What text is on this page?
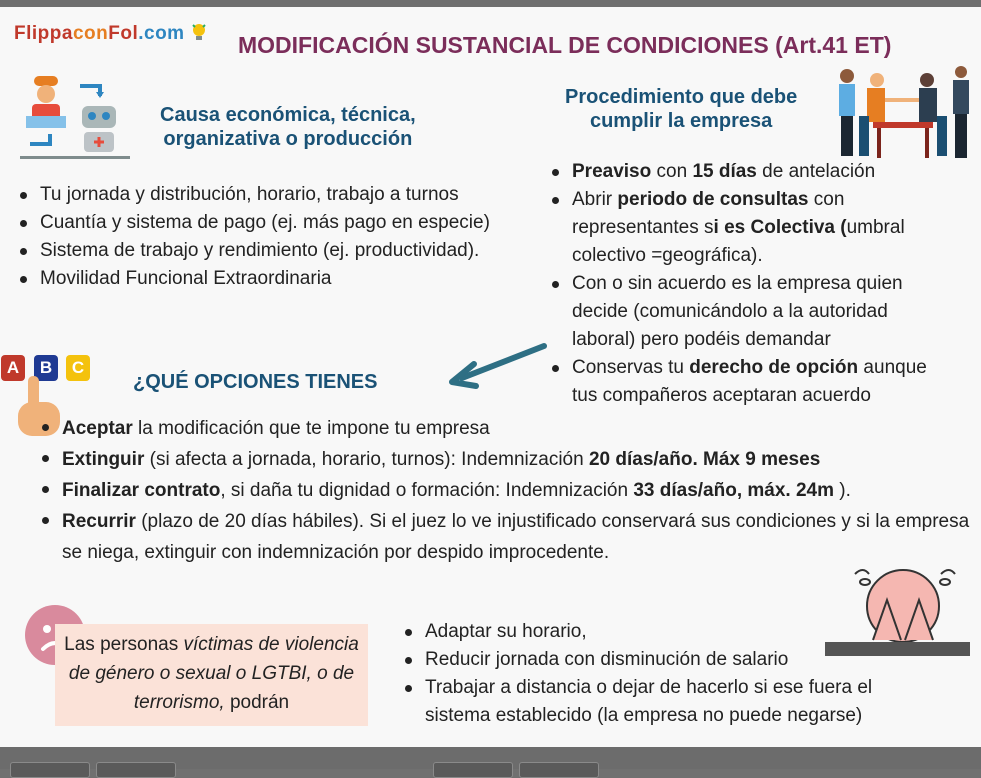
FlippaconFol.com	MODIFICACIÓN SUSTANCIAL DE CONDICIONES (Art.41 ET)
Causa económica, técnica,
organizativa o producción
Tu jornada y distribución, horario, trabajo a turnos
Cuantía y sistema de pago (ej. más pago en especie)
Sistema de trabajo y rendimiento (ej. productividad).
Movilidad Funcional Extraordinaria
Procedimiento que debe
cumplir la empresa
Preaviso con 15 días de antelación
Abrir periodo de consultas con representantes si es Colectiva (umbral colectivo =geográfica).
Con o sin acuerdo es la empresa quien decide (comunicándolo a la autoridad laboral) pero podéis demandar
Conservas tu derecho de opción aunque tus compañeros aceptaran acuerdo
A	B	C
¿QUÉ OPCIONES TIENES
Aceptar la modificación que te impone tu empresa
Extinguir (si afecta a jornada, horario, turnos): Indemnización 20 días/año. Máx 9 meses
Finalizar contrato, si daña tu dignidad o formación: Indemnización 33 días/año, máx. 24m ).
Recurrir (plazo de 20 días hábiles). Si el juez lo ve injustificado conservará sus condiciones y si la empresa se niega, extinguir con indemnización por despido improcedente.
Las personas víctimas de violencia de género o sexual o LGTBI, o de terrorismo, podrán
Adaptar su horario,
Reducir jornada con disminución de salario
Trabajar a distancia o dejar de hacerlo si ese fuera el sistema establecido (la empresa no puede negarse)
